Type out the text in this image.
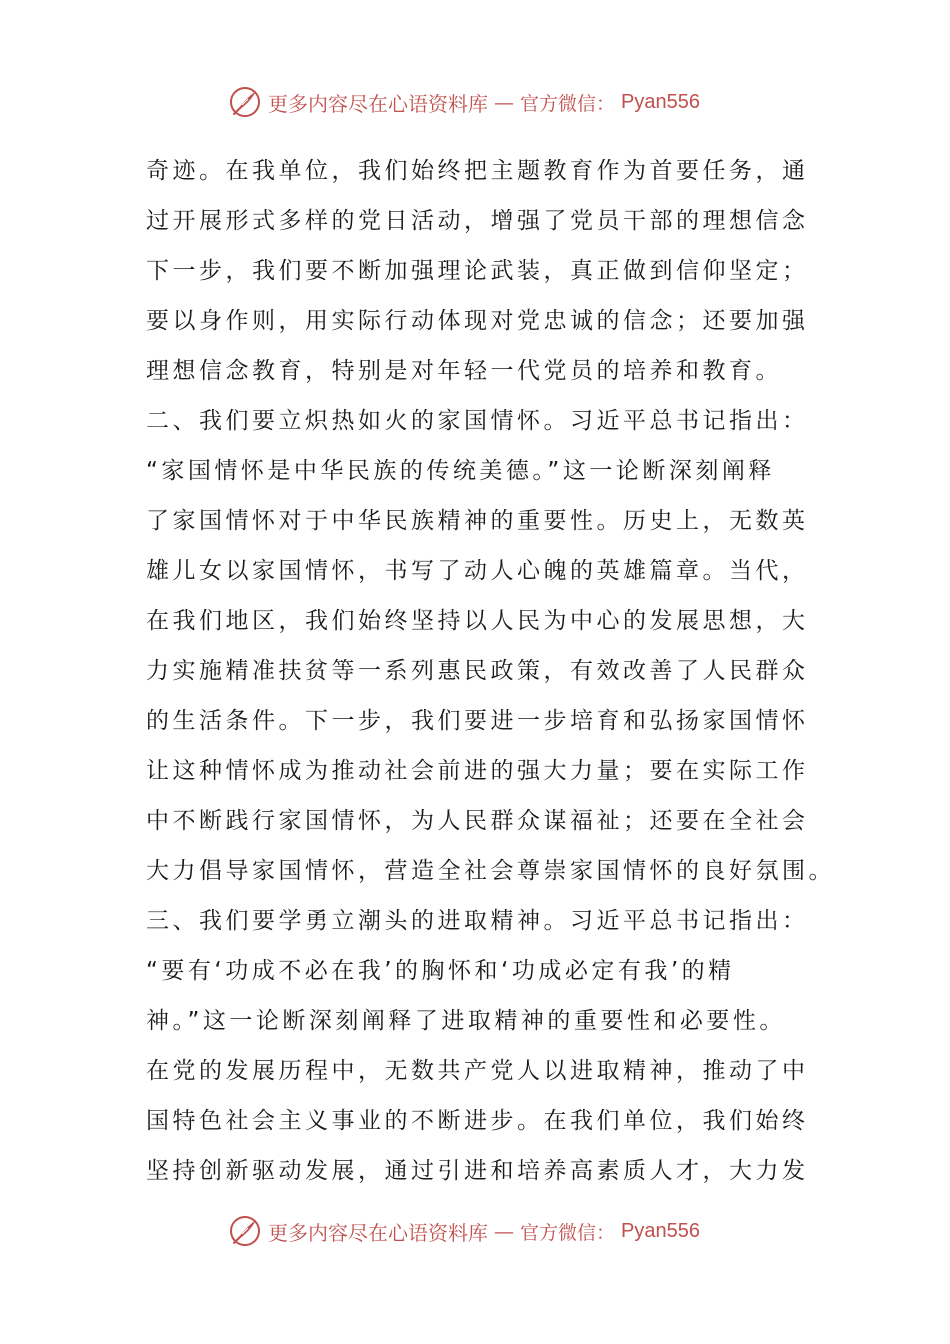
更多内容尽在心语资料库 — 官方微信： Pyan556
奇迹。在我单位，我们始终把主题教育作为首要任务，通
过开展形式多样的党日活动，增强了党员干部的理想信念
下一步，我们要不断加强理论武装，真正做到信仰坚定；
要以身作则，用实际行动体现对党忠诚的信念；还要加强
理想信念教育，特别是对年轻一代党员的培养和教育。
二、我们要立炽热如火的家国情怀。习近平总书记指出：
“家国情怀是中华民族的传统美德。”这一论断深刻阐释
了家国情怀对于中华民族精神的重要性。历史上，无数英
雄儿女以家国情怀，书写了动人心魄的英雄篇章。当代，
在我们地区，我们始终坚持以人民为中心的发展思想，大
力实施精准扶贫等一系列惠民政策，有效改善了人民群众
的生活条件。下一步，我们要进一步培育和弘扬家国情怀
让这种情怀成为推动社会前进的强大力量；要在实际工作
中不断践行家国情怀，为人民群众谋福祉；还要在全社会
大力倡导家国情怀，营造全社会尊崇家国情怀的良好氛围。
三、我们要学勇立潮头的进取精神。习近平总书记指出：
“要有‘功成不必在我’的胸怀和‘功成必定有我’的精
神。”这一论断深刻阐释了进取精神的重要性和必要性。
在党的发展历程中，无数共产党人以进取精神，推动了中
国特色社会主义事业的不断进步。在我们单位，我们始终
坚持创新驱动发展，通过引进和培养高素质人才，大力发
更多内容尽在心语资料库 — 官方微信： Pyan556
